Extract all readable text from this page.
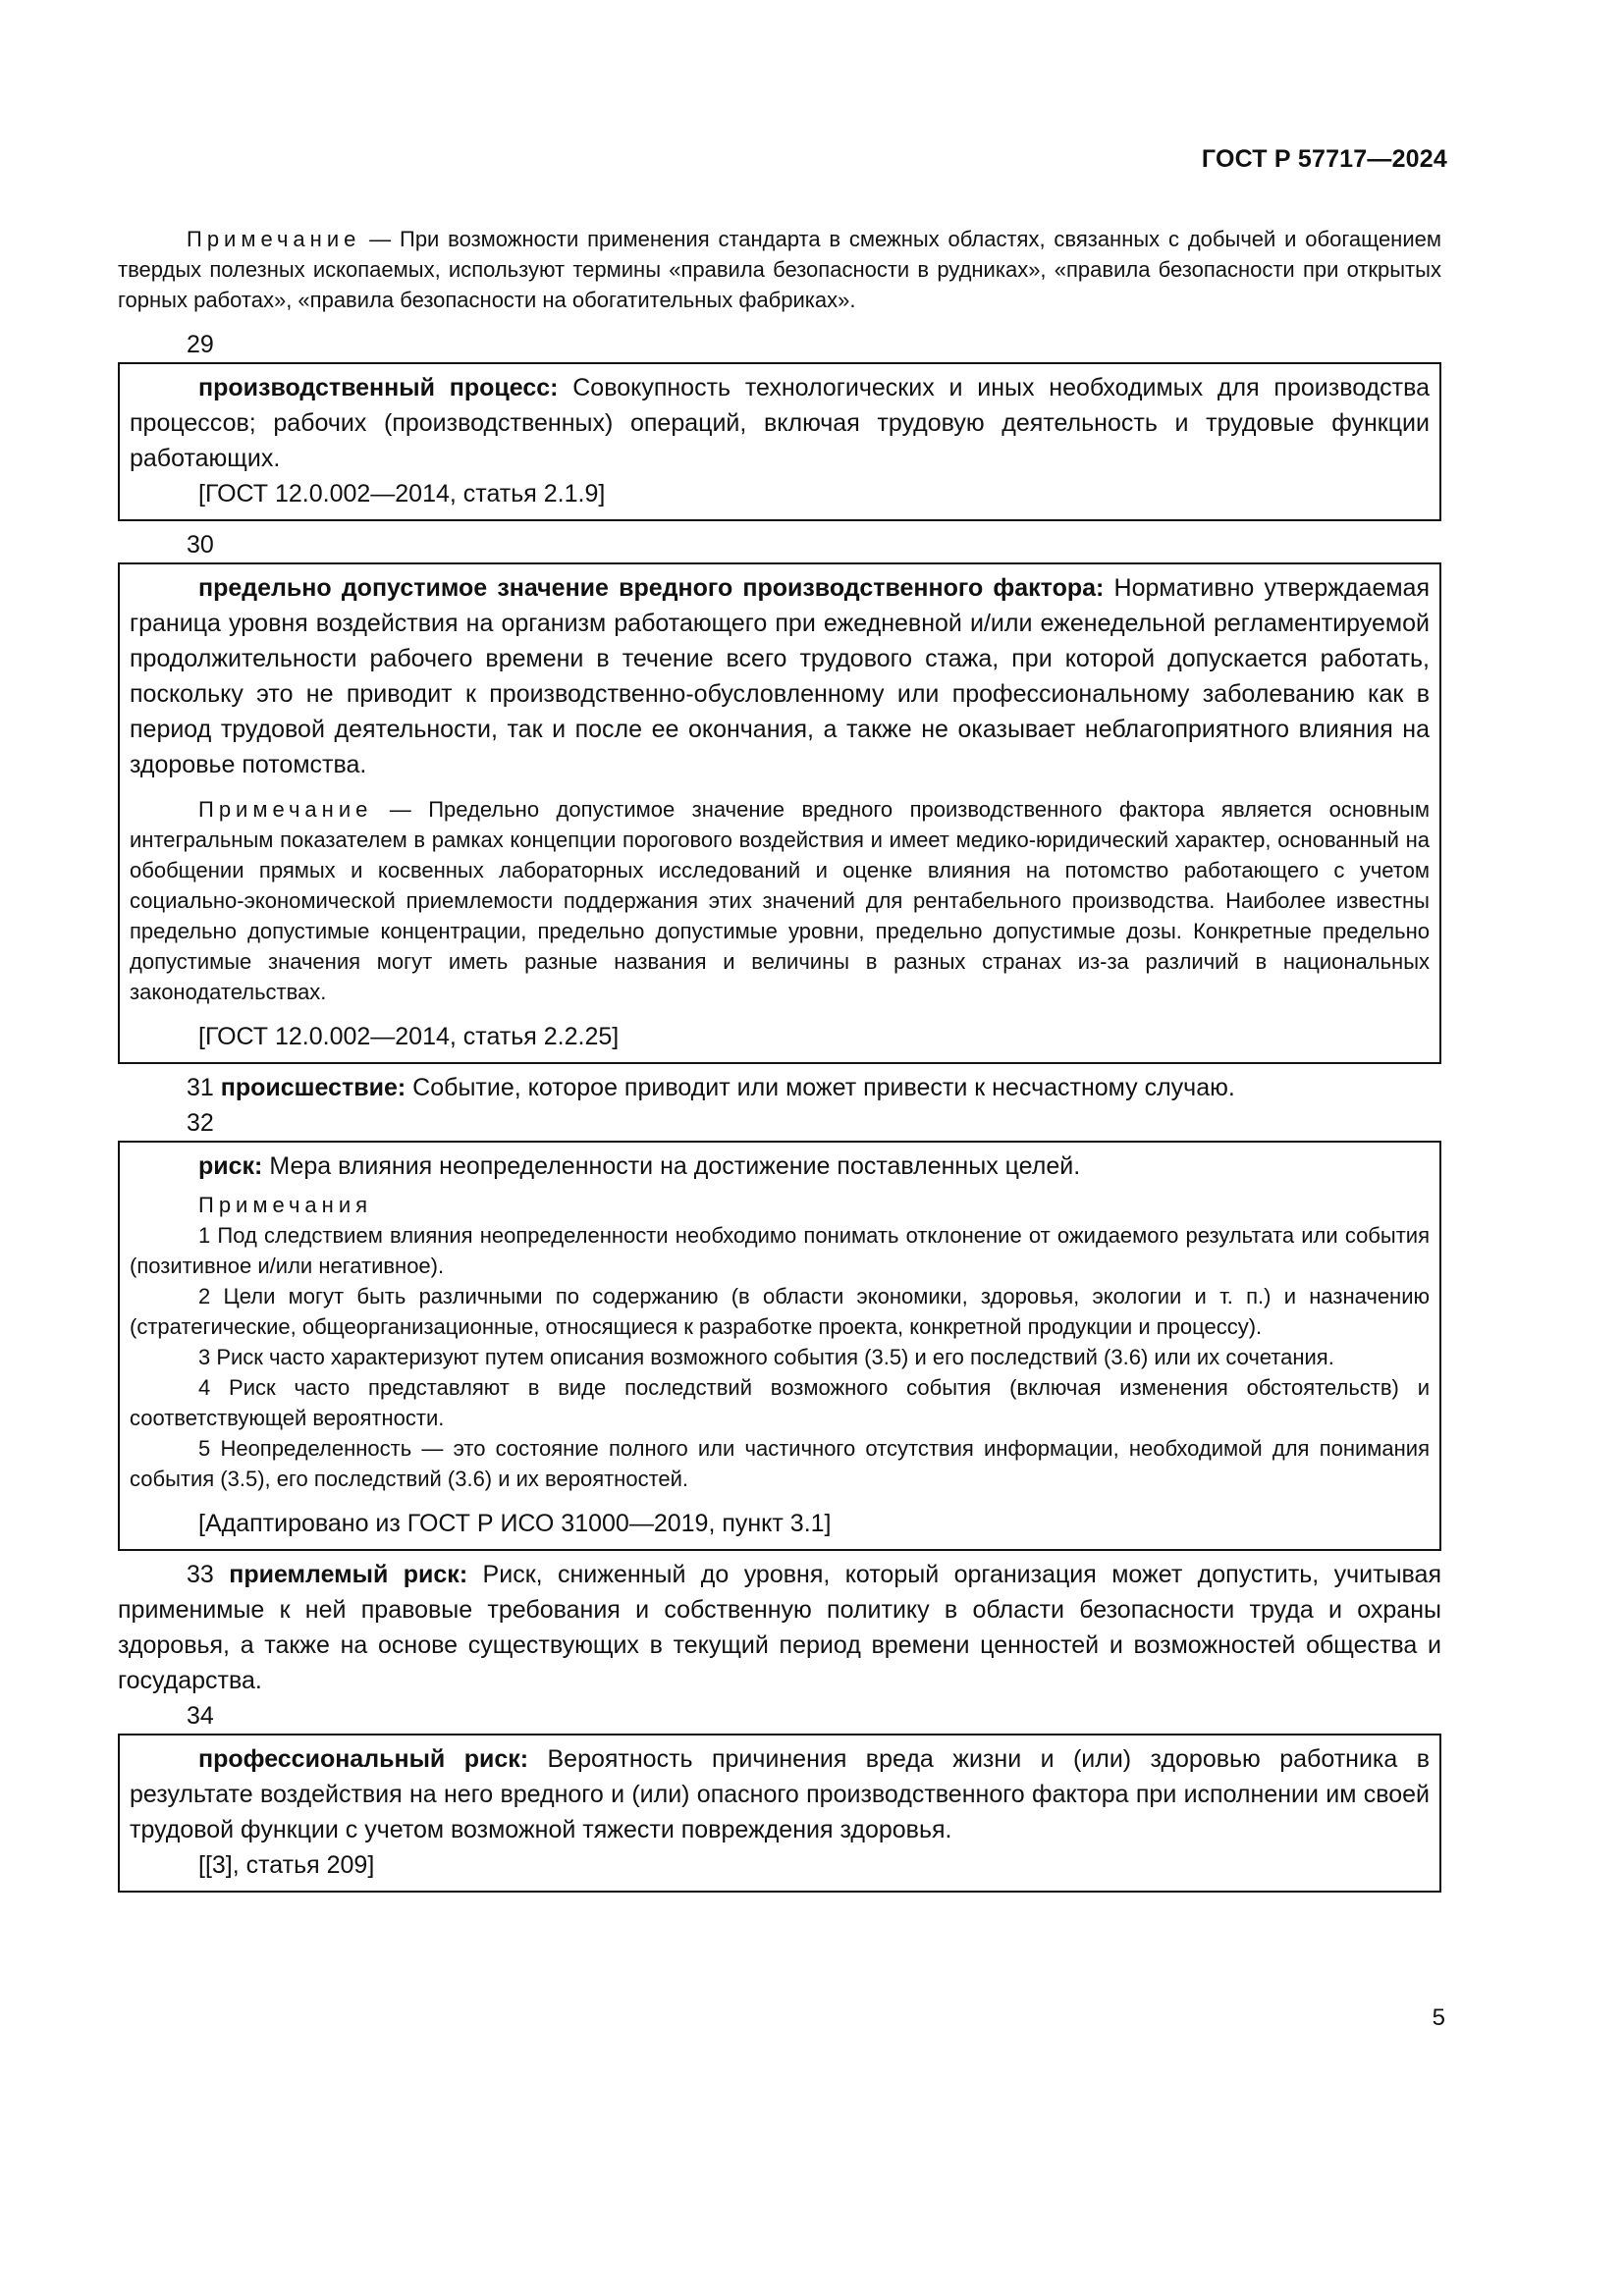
ГОСТ Р 57717—2024

Примечание — При возможности применения стандарта в смежных областях, связанных с добычей и обогащением твердых полезных ископаемых, используют термины «правила безопасности в рудниках», «правила безопасности при открытых горных работах», «правила безопасности на обогатительных фабриках».

29

производственный процесс: Совокупность технологических и иных необходимых для производства процессов; рабочих (производственных) операций, включая трудовую деятельность и трудовые функции работающих.

[ГОСТ 12.0.002—2014, статья 2.1.9]
30

предельно допустимое значение вредного производственного фактора: Нормативно утверждаемая граница уровня воздействия на организм работающего при ежедневной и/или еженедельной регламентируемой продолжительности рабочего времени в течение всего трудового стажа, при которой допускается работать, поскольку это не приводит к производственно-обусловленному или профессиональному заболеванию как в период трудовой деятельности, так и после ее окончания, а также не оказывает неблагоприятного влияния на здоровье потомства.

Примечание — Предельно допустимое значение вредного производственного фактора является основным интегральным показателем в рамках концепции порогового воздействия и имеет медико-юридический характер, основанный на обобщении прямых и косвенных лабораторных исследований и оценке влияния на потомство работающего с учетом социально-экономической приемлемости поддержания этих значений для рентабельного производства. Наиболее известны предельно допустимые концентрации, предельно допустимые уровни, предельно допустимые дозы. Конкретные предельно допустимые значения могут иметь разные названия и величины в разных странах из-за различий в национальных законодательствах.

[ГОСТ 12.0.002—2014, статья 2.2.25]

31 происшествие: Событие, которое приводит или может привести к несчастному случаю.

32

риск: Мера влияния неопределенности на достижение поставленных целей.

Примечания

1 Под следствием влияния неопределенности необходимо понимать отклонение от ожидаемого результата или события (позитивное и/или негативное).

2 Цели могут быть различными по содержанию (в области экономики, здоровья, экологии и т. п.) и назначению (стратегические, общеорганизационные, относящиеся к разработке проекта, конкретной продукции и процессу).

3 Риск часто характеризуют путем описания возможного события (3.5) и его последствий (3.6) или их сочетания.

4 Риск часто представляют в виде последствий возможного события (включая изменения обстоятельств) и соответствующей вероятности.

5 Неопределенность — это состояние полного или частичного отсутствия информации, необходимой для понимания события (3.5), его последствий (3.6) и их вероятностей.

[Адаптировано из ГОСТ Р ИСО 31000—2019, пункт 3.1]

33 приемлемый риск: Риск, сниженный до уровня, который организация может допустить, учитывая применимые к ней правовые требования и собственную политику в области безопасности труда и охраны здоровья, а также на основе существующих в текущий период времени ценностей и возможностей общества и государства.

34

профессиональный риск: Вероятность причинения вреда жизни и (или) здоровью работника в результате воздействия на него вредного и (или) опасного производственного фактора при исполнении им своей трудовой функции с учетом возможной тяжести повреждения здоровья.

[[3], статья 209]
5
